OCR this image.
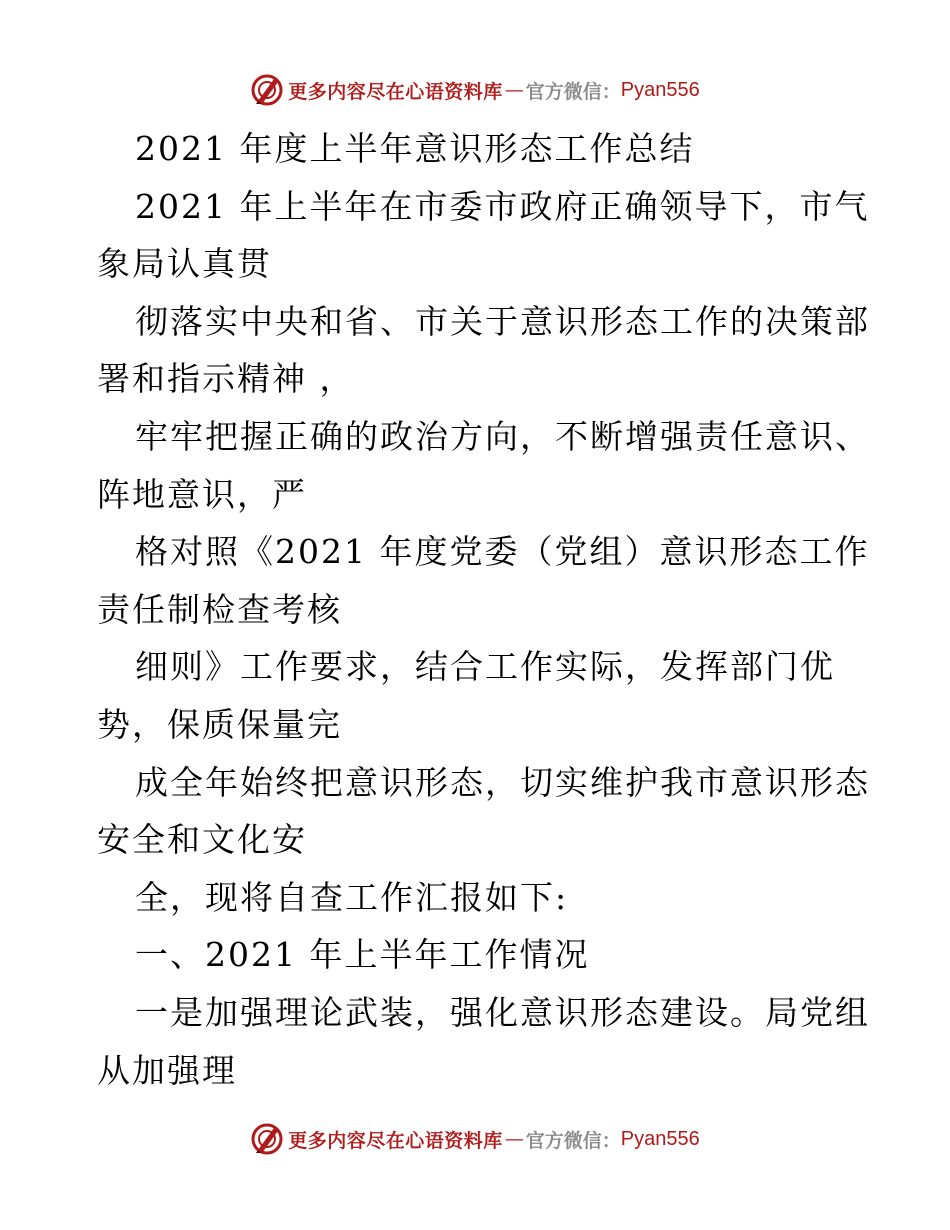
更多内容尽在心语资料库 — 官方微信： Pyan556
2021 年度上半年意识形态工作总结
2021 年上半年在市委市政府正确领导下，市气
象局认真贯
彻落实中央和省、市关于意识形态工作的决策部
署和指示精神 ，
牢牢把握正确的政治方向，不断增强责任意识、
阵地意识，严
格对照《2021 年度党委（党组）意识形态工作
责任制检查考核
细则》工作要求，结合工作实际，发挥部门优
势，保质保量完
成全年始终把意识形态，切实维护我市意识形态
安全和文化安
全，现将自查工作汇报如下:
一、2021 年上半年工作情况
一是加强理论武装，强化意识形态建设。局党组
从加强理
更多内容尽在心语资料库 — 官方微信： Pyan556
